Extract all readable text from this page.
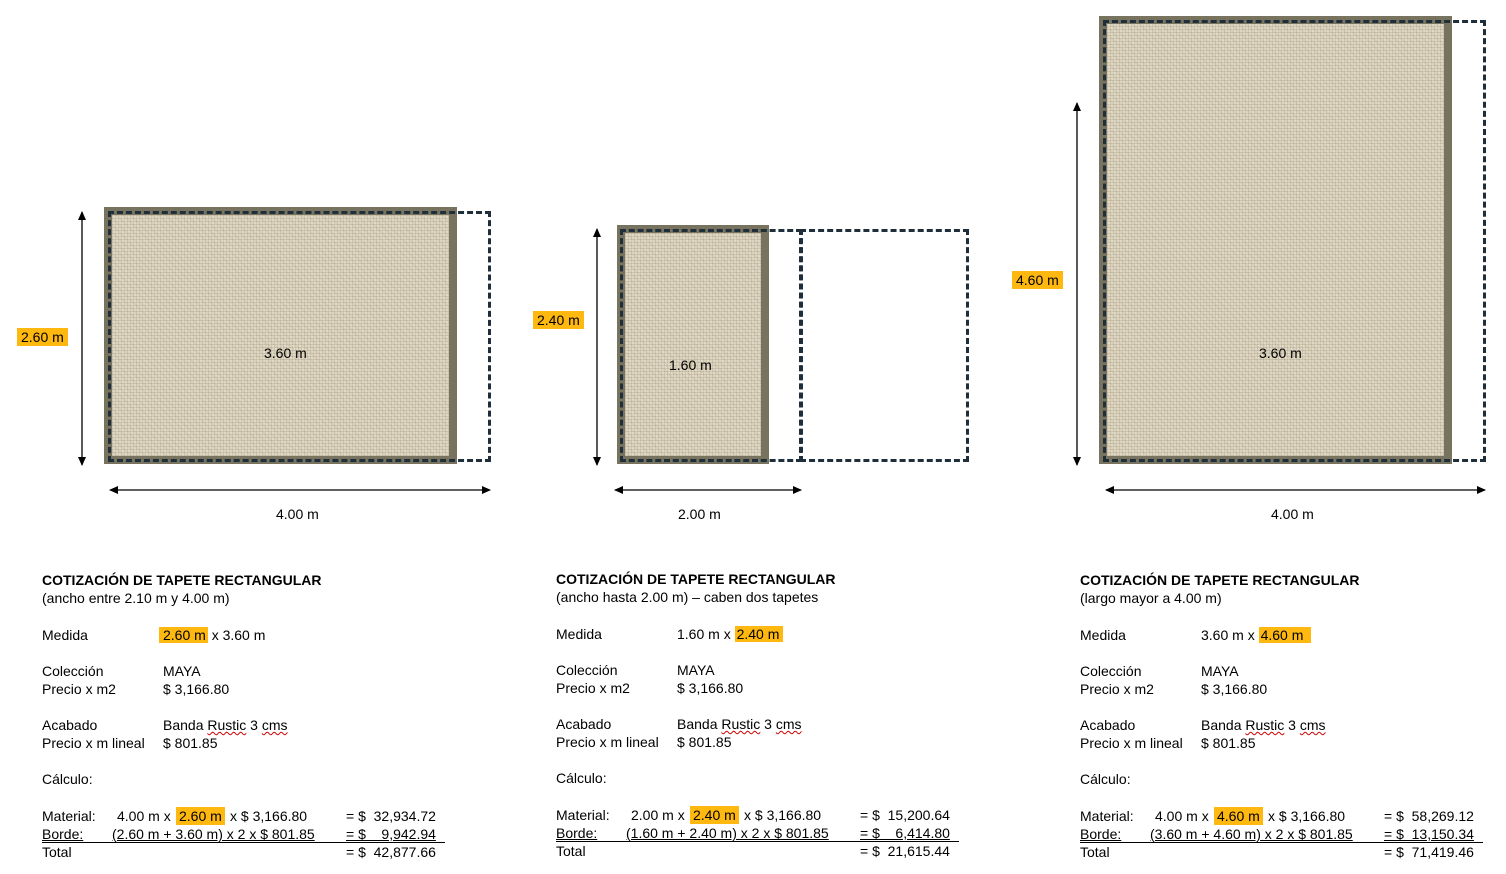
2.60 m
3.60 m
4.00 m
2.40 m
1.60 m
2.00 m
4.60 m
3.60 m
4.00 m
COTIZACIÓN DE TAPETE RECTANGULAR
(ancho entre 2.10 m y 4.00 m)
Medida	2.60 m x 3.60 m
Colección	MAYA
Precio x m2	$ 3,166.80
Acabado	Banda Rustic 3 cms
Precio x m lineal $ 801.85
Cálculo:
Material: 4.00 m x 2.60 m x $ 3,166.80	= $  32,934.72
Borde: (2.60 m + 3.60 m) x 2 x $ 801.85 = $    9,942.94
Total	= $  42,877.66
COTIZACIÓN DE TAPETE RECTANGULAR
(ancho hasta 2.00 m) – caben dos tapetes
Medida	1.60 m x 2.40 m
Colección	MAYA
Precio x m2	$ 3,166.80
Acabado	Banda Rustic 3 cms
Precio x m lineal $ 801.85
Cálculo:
Material: 2.00 m x 2.40 m x $ 3,166.80	= $  15,200.64
Borde: (1.60 m + 2.40 m) x 2 x $ 801.85 = $    6,414.80
Total	= $  21,615.44
COTIZACIÓN DE TAPETE RECTANGULAR
(largo mayor a 4.00 m)
Medida	3.60 m x 4.60 m
Colección	MAYA
Precio x m2	$ 3,166.80
Acabado	Banda Rustic 3 cms
Precio x m lineal $ 801.85
Cálculo:
Material: 4.00 m x 4.60 m x $ 3,166.80	= $  58,269.12
Borde: (3.60 m + 4.60 m) x 2 x $ 801.85 = $  13,150.34
Total	= $  71,419.46
